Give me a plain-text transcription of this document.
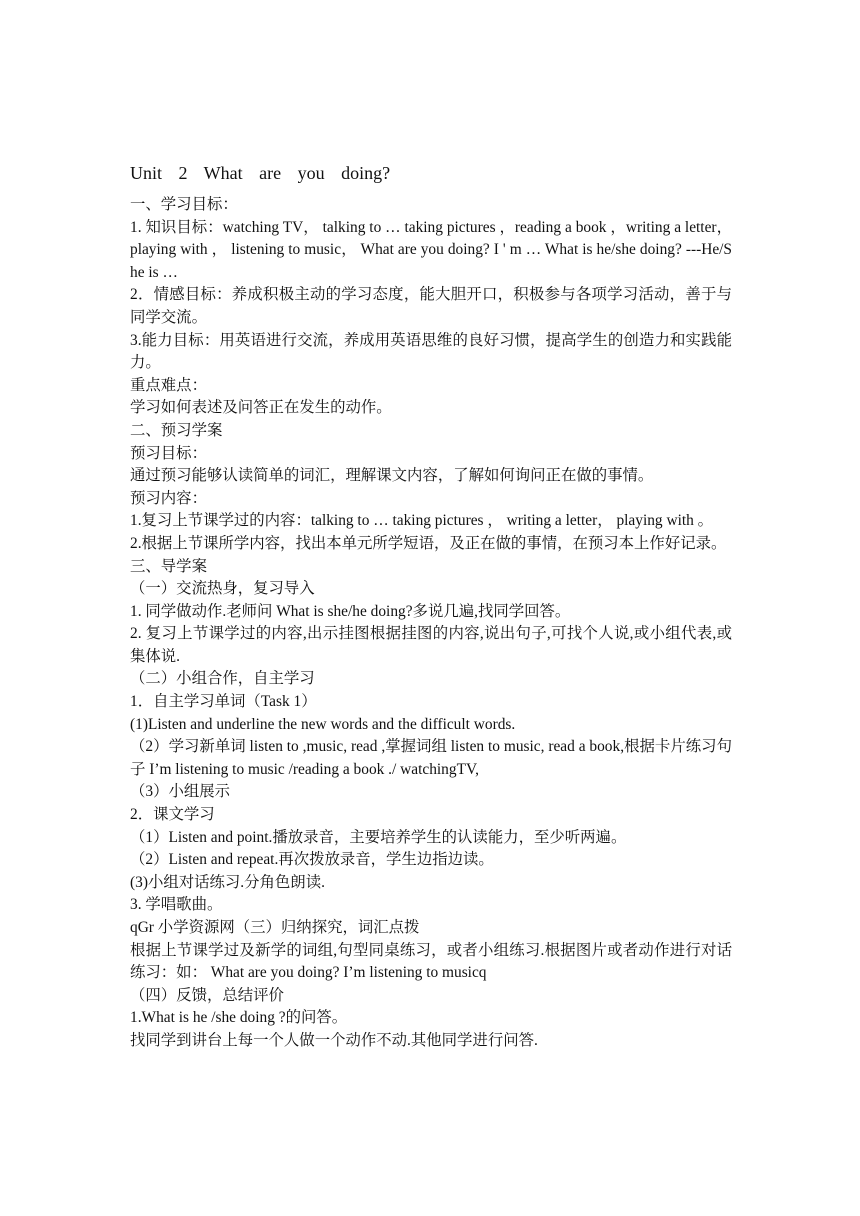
Unit 2 What are you doing?

一、学习目标：

1. 知识目标：watching TV， talking to … taking pictures ，reading a book ，writing a letter， playing with ， listening to music， What are you doing? I ' m … What is he/she doing? ---He/She is …

2．情感目标：养成积极主动的学习态度，能大胆开口，积极参与各项学习活动，善于与同学交流。

3.能力目标：用英语进行交流，养成用英语思维的良好习惯，提高学生的创造力和实践能力。

重点难点：

学习如何表述及问答正在发生的动作。

二、预习学案

预习目标：

通过预习能够认读简单的词汇，理解课文内容，了解如何询问正在做的事情。

预习内容：

1.复习上节课学过的内容：talking to … taking pictures ， writing a letter， playing with 。

2.根据上节课所学内容，找出本单元所学短语，及正在做的事情，在预习本上作好记录。

三、导学案

（一）交流热身，复习导入

1. 同学做动作.老师问 What is she/he doing?多说几遍,找同学回答。

2. 复习上节课学过的内容,出示挂图根据挂图的内容,说出句子,可找个人说,或小组代表,或集体说.

（二）小组合作，自主学习

1．自主学习单词（Task 1）

(1)Listen and underline the new words and the difficult words.

（2）学习新单词 listen to ,music, read ,掌握词组 listen to music, read a book,根据卡片练习句子 I’m listening to music /reading a book ./ watchingTV,

（3）小组展示

2．课文学习

（1）Listen and point.播放录音，主要培养学生的认读能力，至少听两遍。

（2）Listen and repeat.再次拨放录音，学生边指边读。

(3)小组对话练习.分角色朗读.

3. 学唱歌曲。

qGr 小学资源网（三）归纳探究，词汇点拨

根据上节课学过及新学的词组,句型同桌练习，或者小组练习.根据图片或者动作进行对话练习：如： What are you doing? I’m listening to musicq

（四）反馈，总结评价

1.What is he /she doing ?的问答。

找同学到讲台上每一个人做一个动作不动.其他同学进行问答.
